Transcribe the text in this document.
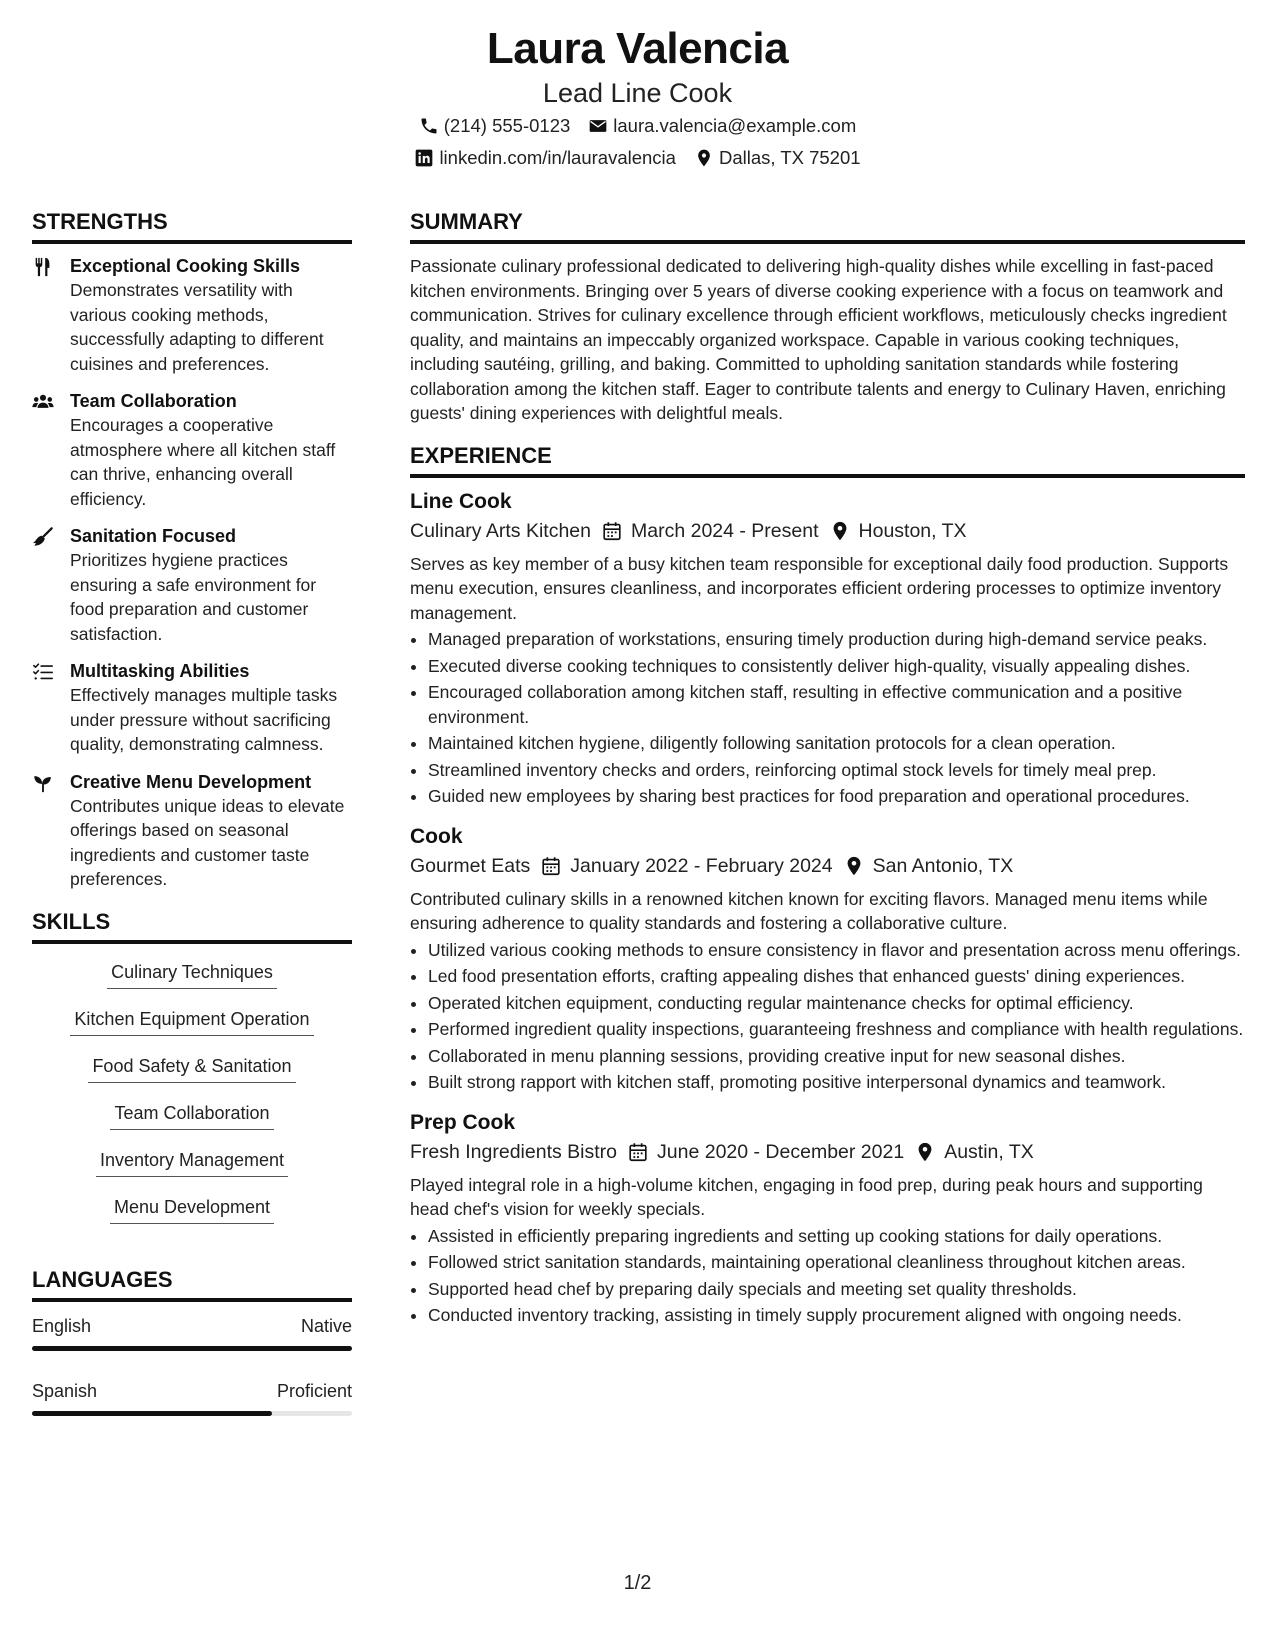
Laura Valencia
Lead Line Cook
(214) 555-0123 laura.valencia@example.com
linkedin.com/in/lauravalencia Dallas, TX 75201
STRENGTHS
Exceptional Cooking Skills
Demonstrates versatility with various cooking methods, successfully adapting to different cuisines and preferences.
Team Collaboration
Encourages a cooperative atmosphere where all kitchen staff can thrive, enhancing overall efficiency.
Sanitation Focused
Prioritizes hygiene practices ensuring a safe environment for food preparation and customer satisfaction.
Multitasking Abilities
Effectively manages multiple tasks under pressure without sacrificing quality, demonstrating calmness.
Creative Menu Development
Contributes unique ideas to elevate offerings based on seasonal ingredients and customer taste preferences.
SKILLS
Culinary Techniques
Kitchen Equipment Operation
Food Safety & Sanitation
Team Collaboration
Inventory Management
Menu Development
LANGUAGES
English	Native
Spanish	Proficient
SUMMARY
Passionate culinary professional dedicated to delivering high-quality dishes while excelling in fast-paced kitchen environments. Bringing over 5 years of diverse cooking experience with a focus on teamwork and communication. Strives for culinary excellence through efficient workflows, meticulously checks ingredient quality, and maintains an impeccably organized workspace. Capable in various cooking techniques, including sautéing, grilling, and baking. Committed to upholding sanitation standards while fostering collaboration among the kitchen staff. Eager to contribute talents and energy to Culinary Haven, enriching guests' dining experiences with delightful meals.
EXPERIENCE
Line Cook
Culinary Arts Kitchen March 2024 - Present Houston, TX
Serves as key member of a busy kitchen team responsible for exceptional daily food production. Supports menu execution, ensures cleanliness, and incorporates efficient ordering processes to optimize inventory management.
• Managed preparation of workstations, ensuring timely production during high-demand service peaks.
• Executed diverse cooking techniques to consistently deliver high-quality, visually appealing dishes.
• Encouraged collaboration among kitchen staff, resulting in effective communication and a positive environment.
• Maintained kitchen hygiene, diligently following sanitation protocols for a clean operation.
• Streamlined inventory checks and orders, reinforcing optimal stock levels for timely meal prep.
• Guided new employees by sharing best practices for food preparation and operational procedures.
Cook
Gourmet Eats January 2022 - February 2024 San Antonio, TX
Contributed culinary skills in a renowned kitchen known for exciting flavors. Managed menu items while ensuring adherence to quality standards and fostering a collaborative culture.
• Utilized various cooking methods to ensure consistency in flavor and presentation across menu offerings.
• Led food presentation efforts, crafting appealing dishes that enhanced guests' dining experiences.
• Operated kitchen equipment, conducting regular maintenance checks for optimal efficiency.
• Performed ingredient quality inspections, guaranteeing freshness and compliance with health regulations.
• Collaborated in menu planning sessions, providing creative input for new seasonal dishes.
• Built strong rapport with kitchen staff, promoting positive interpersonal dynamics and teamwork.
Prep Cook
Fresh Ingredients Bistro June 2020 - December 2021 Austin, TX
Played integral role in a high-volume kitchen, engaging in food prep, during peak hours and supporting head chef's vision for weekly specials.
• Assisted in efficiently preparing ingredients and setting up cooking stations for daily operations.
• Followed strict sanitation standards, maintaining operational cleanliness throughout kitchen areas.
• Supported head chef by preparing daily specials and meeting set quality thresholds.
• Conducted inventory tracking, assisting in timely supply procurement aligned with ongoing needs.
1/2
